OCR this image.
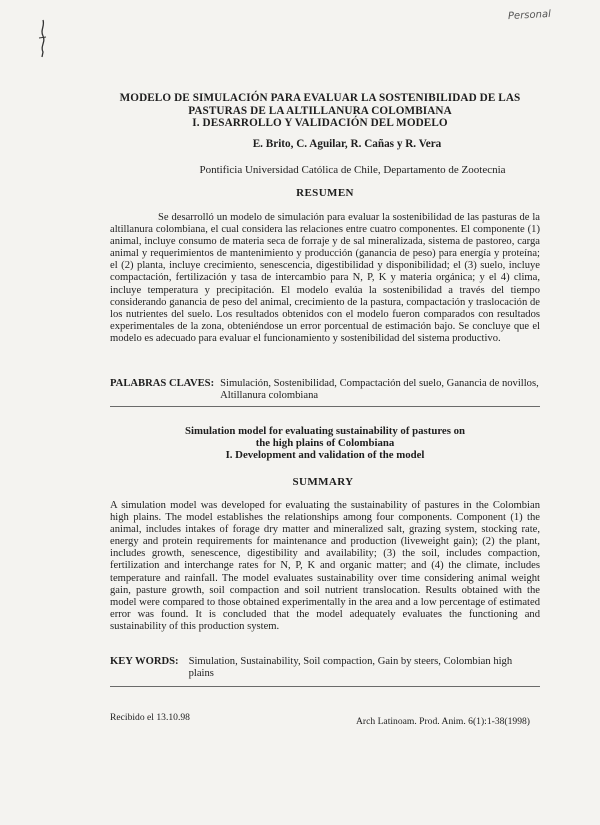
Personal
MODELO DE SIMULACIÓN PARA EVALUAR LA SOSTENIBILIDAD DE LAS
PASTURAS DE LA ALTILLANURA COLOMBIANA
I. DESARROLLO Y VALIDACIÓN DEL MODELO
E. Brito, C. Aguilar, R. Cañas y R. Vera
Pontificia Universidad Católica de Chile, Departamento de Zootecnia
RESUMEN

Se desarrolló un modelo de simulación para evaluar la sostenibilidad de las pasturas de la altillanura colombiana, el cual considera las relaciones entre cuatro componentes. El componente (1) animal, incluye consumo de materia seca de forraje y de sal mineralizada, sistema de pastoreo, carga animal y requerimientos de mantenimiento y producción (ganancia de peso) para energía y proteína; el (2) planta, incluye crecimiento, senescencia, digestibilidad y disponibilidad; el (3) suelo, incluye compactación, fertilización y tasa de intercambio para N, P, K y materia orgánica; y el 4) clima, incluye temperatura y precipitación. El modelo evalúa la sostenibilidad a través del tiempo considerando ganancia de peso del animal, crecimiento de la pastura, compactación y traslocación de los nutrientes del suelo. Los resultados obtenidos con el modelo fueron comparados con resultados experimentales de la zona, obteniéndose un error porcentual de estimación bajo. Se concluye que el modelo es adecuado para evaluar el funcionamiento y sostenibilidad del sistema productivo.

PALABRAS CLAVES: Simulación, Sostenibilidad, Compactación del suelo, Ganancia de novillos, Altillanura colombiana
Simulation model for evaluating sustainability of pastures on
the high plains of Colombiana
I. Development and validation of the model
SUMMARY

A simulation model was developed for evaluating the sustainability of pastures in the Colombian high plains. The model establishes the relationships among four components. Component (1) the animal, includes intakes of forage dry matter and mineralized salt, grazing system, stocking rate, energy and protein requirements for maintenance and production (liveweight gain); (2) the plant, includes growth, senescence, digestibility and availability; (3) the soil, includes compaction, fertilization and interchange rates for N, P, K and organic matter; and (4) the climate, includes temperature and rainfall. The model evaluates sustainability over time considering animal weight gain, pasture growth, soil compaction and soil nutrient translocation. Results obtained with the model were compared to those obtained experimentally in the area and a low percentage of estimated error was found. It is concluded that the model adequately evaluates the functioning and sustainability of this production system.

KEY WORDS: Simulation, Sustainability, Soil compaction, Gain by steers, Colombian high plains
Recibido el 13.10.98	Arch Latinoam. Prod. Anim. 6(1):1-38(1998)
